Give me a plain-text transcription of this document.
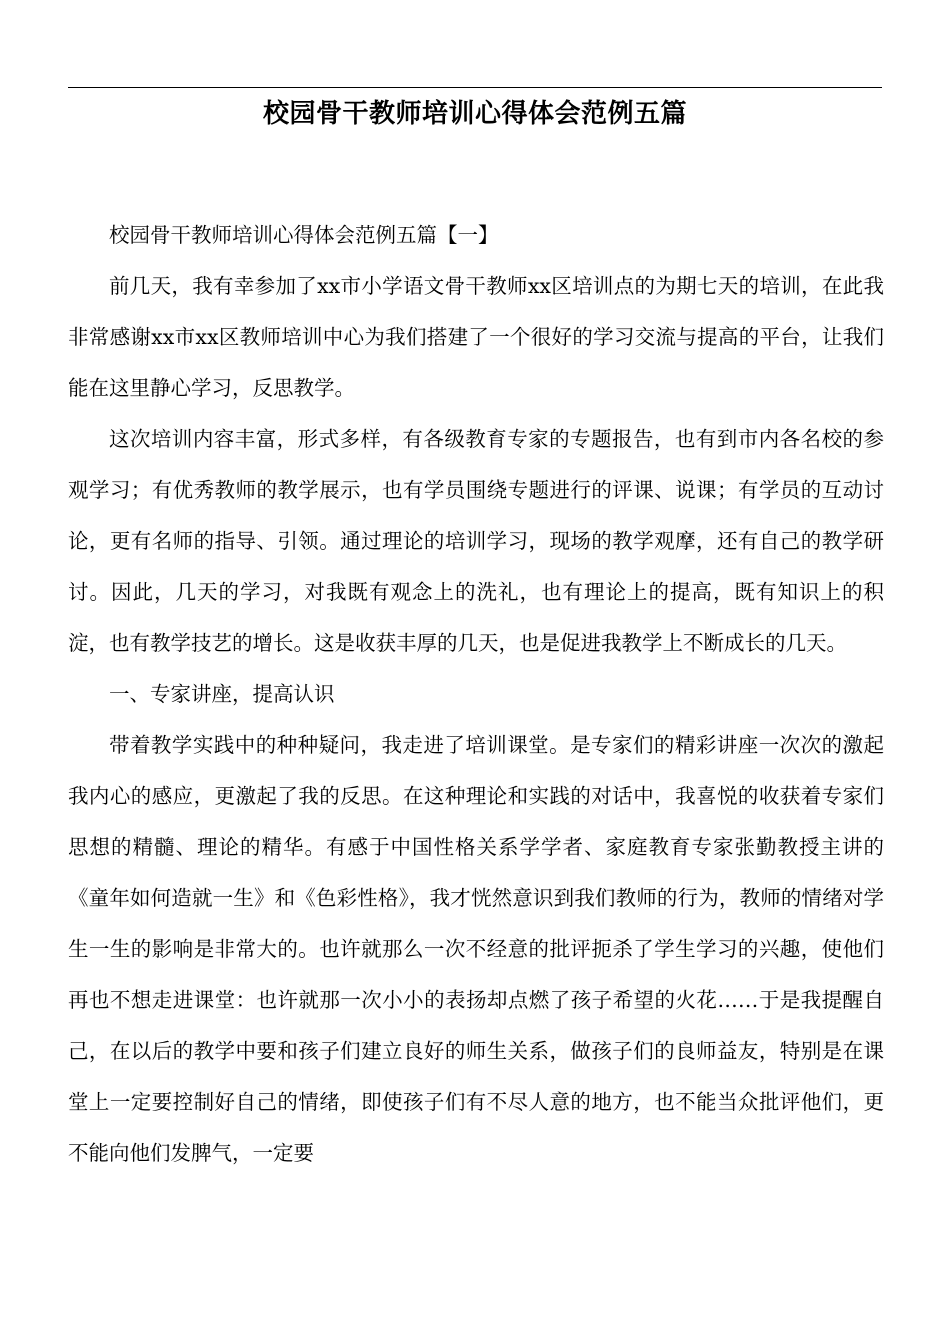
校园骨干教师培训心得体会范例五篇

校园骨干教师培训心得体会范例五篇【一】

前几天，我有幸参加了xx市小学语文骨干教师xx区培训点的为期七天的培训，在此我非常感谢xx市xx区教师培训中心为我们搭建了一个很好的学习交流与提高的平台，让我们能在这里静心学习，反思教学。

这次培训内容丰富，形式多样，有各级教育专家的专题报告，也有到市内各名校的参观学习；有优秀教师的教学展示，也有学员围绕专题进行的评课、说课；有学员的互动讨论，更有名师的指导、引领。通过理论的培训学习，现场的教学观摩，还有自己的教学研讨。因此，几天的学习，对我既有观念上的洗礼，也有理论上的提高，既有知识上的积淀，也有教学技艺的增长。这是收获丰厚的几天，也是促进我教学上不断成长的几天。

一、专家讲座，提高认识

带着教学实践中的种种疑问，我走进了培训课堂。是专家们的精彩讲座一次次的激起我内心的感应，更激起了我的反思。在这种理论和实践的对话中，我喜悦的收获着专家们思想的精髓、理论的精华。有感于中国性格关系学学者、家庭教育专家张勤教授主讲的《童年如何造就一生》和《色彩性格》，我才恍然意识到我们教师的行为，教师的情绪对学生一生的影响是非常大的。也许就那么一次不经意的批评扼杀了学生学习的兴趣，使他们再也不想走进课堂：也许就那一次小小的表扬却点燃了孩子希望的火花……于是我提醒自己，在以后的教学中要和孩子们建立良好的师生关系，做孩子们的良师益友，特别是在课堂上一定要控制好自己的情绪，即使孩子们有不尽人意的地方，也不能当众批评他们，更不能向他们发脾气，一定要
